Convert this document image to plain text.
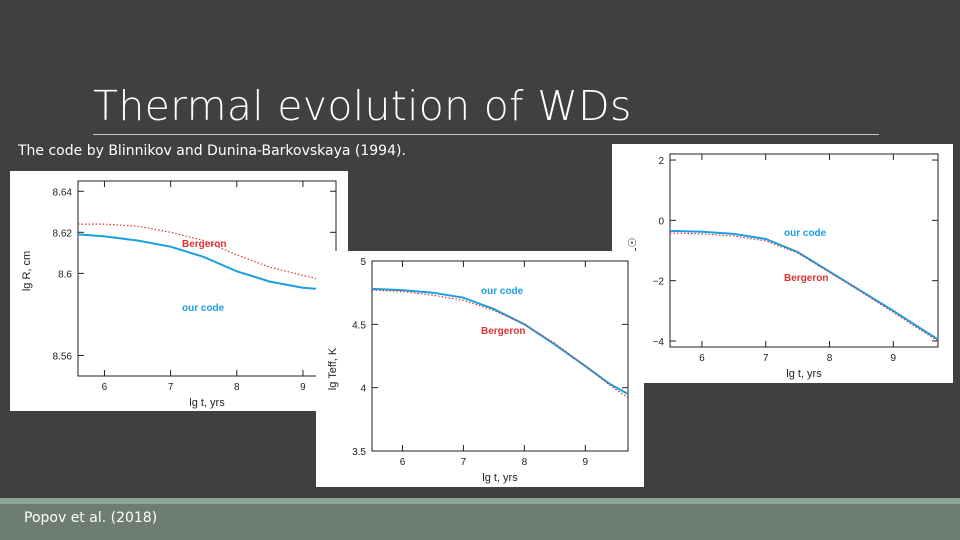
Thermal evolution of WDs
The code by Blinnikov and Dunina-Barkovskaya (1994).
6	7	8	9
8.64
8.62
8.6
8.56
lg t, yrs
lg R, cm
Bergeron
our code
6	7	8	9
2
0
−2
−4
lg t, yrs
our code
Bergeron
6	7	8	9
5
4.5
4
3.5
lg t, yrs
lg Teff, K
our code
Bergeron
Popov et al. (2018)
